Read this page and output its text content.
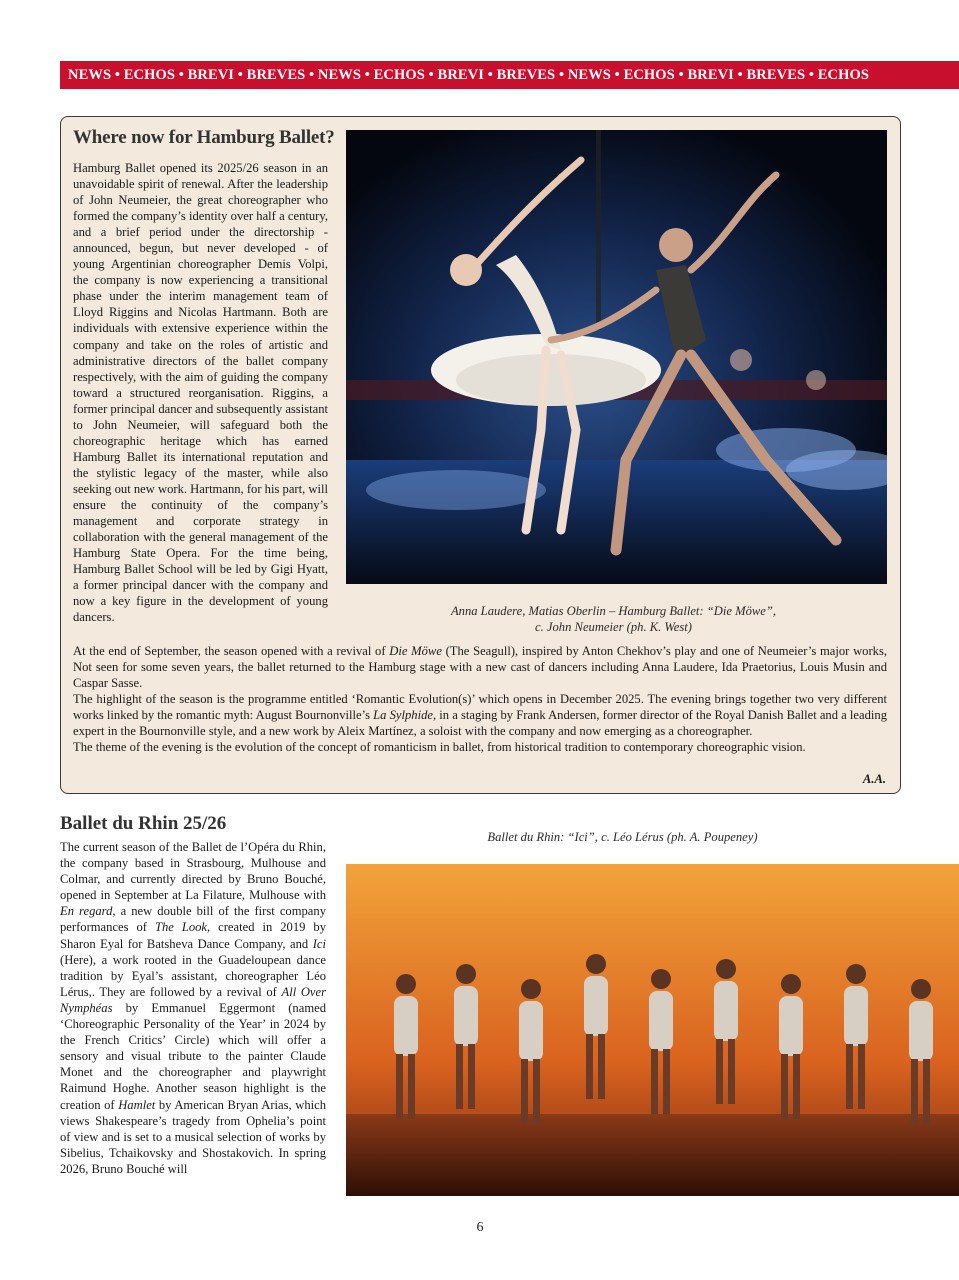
NEWS • ECHOS • BREVI • BREVES • NEWS • ECHOS • BREVI • BREVES • NEWS • ECHOS • BREVI • BREVES • ECHOS
Where now for Hamburg Ballet?

Hamburg Ballet opened its 2025/26 season in an unavoidable spirit of renewal. After the leadership of John Neumeier, the great choreographer who formed the company’s identity over half a century, and a brief period under the directorship - announced, begun, but never developed - of young Argentinian choreographer Demis Volpi, the company is now experiencing a transitional phase under the interim management team of Lloyd Riggins and Nicolas Hartmann. Both are individuals with extensive experience within the company and take on the roles of artistic and administrative directors of the ballet company respectively, with the aim of guiding the company toward a structured reorganisation. Riggins, a former principal dancer and subsequently assistant to John Neumeier, will safeguard both the choreographic heritage which has earned Hamburg Ballet its international reputation and the stylistic legacy of the master, while also seeking out new work. Hartmann, for his part, will ensure the continuity of the company’s management and corporate strategy in collaboration with the general management of the Hamburg State Opera. For the time being, Hamburg Ballet School will be led by Gigi Hyatt, a former principal dancer with the company and now a key figure in the development of young dancers.	Anna Laudere, Matias Oberlin – Hamburg Ballet: “Die Möwe”,
c. John Neumeier (ph. K. West)

At the end of September, the season opened with a revival of Die Möwe (The Seagull), inspired by Anton Chekhov’s play and one of Neumeier’s major works, Not seen for some seven years, the ballet returned to the Hamburg stage with a new cast of dancers including Anna Laudere, Ida Praetorius, Louis Musin and Caspar Sasse.

The highlight of the season is the programme entitled ‘Romantic Evolution(s)’ which opens in December 2025. The evening brings together two very different works linked by the romantic myth: August Bournonville’s La Sylphide, in a staging by Frank Andersen, former director of the Royal Danish Ballet and a leading expert in the Bournonville style, and a new work by Aleix Martínez, a soloist with the company and now emerging as a choreographer.

The theme of the evening is the evolution of the concept of romanticism in ballet, from historical tradition to contemporary choreographic vision.

A.A.
Ballet du Rhin 25/26

The current season of the Ballet de l’Opéra du Rhin, the company based in Strasbourg, Mulhouse and Colmar, and currently directed by Bruno Bouché, opened in September at La Filature, Mulhouse with En regard, a new double bill of the first company performances of The Look, created in 2019 by Sharon Eyal for Batsheva Dance Company, and Ici (Here), a work rooted in the Guadeloupean dance tradition by Eyal’s assistant, choreographer Léo Lérus,. They are followed by a revival of All Over Nymphéas by Emmanuel Eggermont (named ‘Choreographic Personality of the Year’ in 2024 by the French Critics’ Circle) which will offer a sensory and visual tribute to the painter Claude Monet and the choreographer and playwright Raimund Hoghe. Another season highlight is the creation of Hamlet by American Bryan Arias, which views Shakespeare’s tragedy from Ophelia’s point of view and is set to a musical selection of works by Sibelius, Tchaikovsky and Shostakovich. In spring 2026, Bruno Bouché will

Ballet du Rhin: “Ici”, c. Léo Lérus (ph. A. Poupeney)
6
